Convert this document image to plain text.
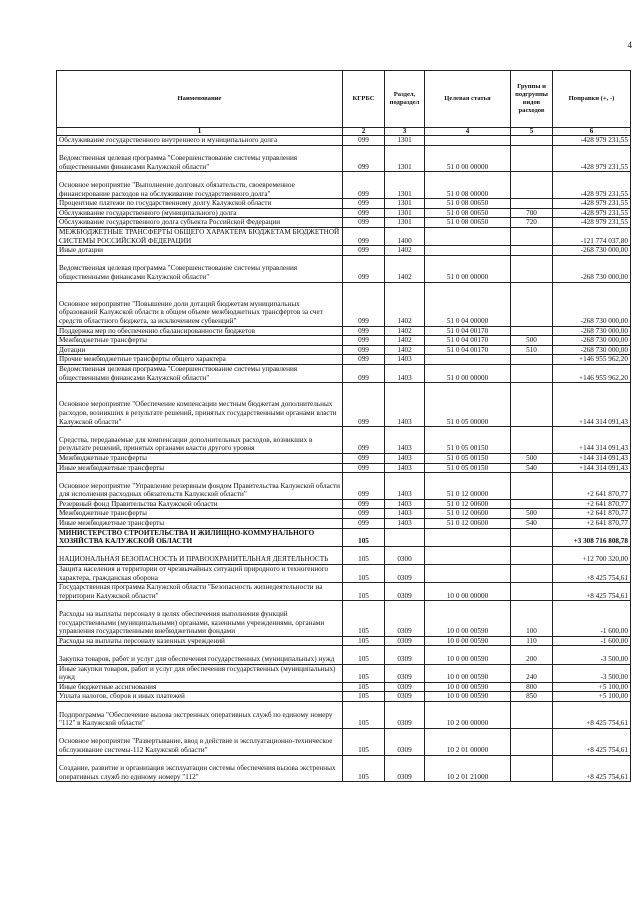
4
Наименование	КГРБС	Раздел, подраздел	Целевая статья	Группы и подгруппы видов расходов	Поправки (+, -)
1	2	3	4	5	6
Обслуживание государственного внутреннего и муниципального долга	099	1301			-428 979 231,55
Ведомственная целевая программа "Совершенствование системы управления общественными финансами Калужской области"	099	1301	51 0 00 00000		-428 979 231,55
Основное мероприятие "Выполнение долговых обязательств, своевременное финансирование расходов на обслуживание государственного долга"	099	1301	51 0 08 00000		-428 979 231,55
Процентные платежи по государственному долгу Калужской области	099	1301	51 0 08 00650		-428 979 231,55
Обслуживание государственного (муниципального) долга	099	1301	51 0 08 00650	700	-428 979 231,55
Обслуживание государственного долга субъекта Российской Федерации	099	1301	51 0 08 00650	720	-428 979 231,55
МЕЖБЮДЖЕТНЫЕ ТРАНСФЕРТЫ ОБЩЕГО ХАРАКТЕРА БЮДЖЕТАМ БЮДЖЕТНОЙ СИСТЕМЫ РОССИЙСКОЙ ФЕДЕРАЦИИ	099	1400			-121 774 037,80
Иные дотации	099	1402			-268 730 000,00
Ведомственная целевая программа "Совершенствование системы управления общественными финансами Калужской области"	099	1402	51 0 00 00000		-268 730 000,00
Основное мероприятие "Повышение доли дотаций бюджетам муниципальных образований Калужской области в общем объеме межбюджетных трансфертов за счет средств областного бюджета, за исключением субвенций"	099	1402	51 0 04 00000		-268 730 000,00
Поддержка мер по обеспечению сбалансированности бюджетов	099	1402	51 0 04 00170		-268 730 000,00
Межбюджетные трансферты	099	1402	51 0 04 00170	500	-268 730 000,00
Дотации	099	1402	51 0 04 00170	510	-268 730 000,00
Прочие межбюджетные трансферты общего характера	099	1403			+146 955 962,20
Ведомственная целевая программа "Совершенствование системы управления общественными финансами Калужской области"	099	1403	51 0 00 00000		+146 955 962,20
Основное мероприятие "Обеспечение компенсации местным бюджетам дополнительных расходов, возникших в результате решений, принятых государственными органами власти Калужской области"	099	1403	51 0 05 00000		+144 314 091,43
Средства, передаваемые для компенсации дополнительных расходов, возникших в результате решений, принятых органами власти другого уровня	099	1403	51 0 05 00150		+144 314 091,43
Межбюджетные трансферты	099	1403	51 0 05 00150	500	+144 314 091,43
Иные межбюджетные трансферты	099	1403	51 0 05 00150	540	+144 314 091,43
Основное мероприятие "Управление резервным фондом Правительства Калужской области для исполнения расходных обязательств Калужской области"	099	1403	51 0 12 00000		+2 641 870,77
Резервный фонд Правительства Калужской области	099	1403	51 0 12 00600		+2 641 870,77
Межбюджетные трансферты	099	1403	51 0 12 00600	500	+2 641 870,77
Иные межбюджетные трансферты	099	1403	51 0 12 00600	540	+2 641 870,77
МИНИСТЕРСТВО СТРОИТЕЛЬСТВА И ЖИЛИЩНО-КОММУНАЛЬНОГО ХОЗЯЙСТВА КАЛУЖСКОЙ ОБЛАСТИ	105				+3 308 716 808,78
НАЦИОНАЛЬНАЯ БЕЗОПАСНОСТЬ И ПРАВООХРАНИТЕЛЬНАЯ ДЕЯТЕЛЬНОСТЬ	105	0300			+12 700 320,00
Защита населения и территории от чрезвычайных ситуаций природного и техногенного характера, гражданская оборона	105	0309			+8 425 754,61
Государственная программа Калужской области "Безопасность жизнедеятельности на территории Калужской области"	105	0309	10 0 00 00000		+8 425 754,61
Расходы на выплаты персоналу в целях обеспечения выполнения функций государственными (муниципальными) органами, казенными учреждениями, органами управления государственными внебюджетными фондами	105	0309	10 0 00 00590	100	-1 600,00
Расходы на выплаты персоналу казенных учреждений	105	0309	10 0 00 00590	110	-1 600,00
Закупка товаров, работ и услуг для обеспечения государственных (муниципальных) нужд	105	0309	10 0 00 00590	200	-3 500,00
Иные закупки товаров, работ и услуг для обеспечения государственных (муниципальных) нужд	105	0309	10 0 00 00590	240	-3 500,00
Иные бюджетные ассигнования	105	0309	10 0 00 00590	800	+5 100,00
Уплата налогов, сборов и иных платежей	105	0309	10 0 00 00590	850	+5 100,00
Подпрограмма "Обеспечение вызова экстренных оперативных служб по единому номеру "112" в Калужской области"	105	0309	10 2 00 00000		+8 425 754,61
Основное мероприятие "Развертывание, ввод в действие и эксплуатационно-техническое обслуживание системы-112 Калужской области"	105	0309	10 2 01 00000		+8 425 754,61
Создание, развитие и организация эксплуатации системы обеспечения вызова экстренных оперативных служб по единому номеру "112"	105	0309	10 2 01 21000		+8 425 754,61
